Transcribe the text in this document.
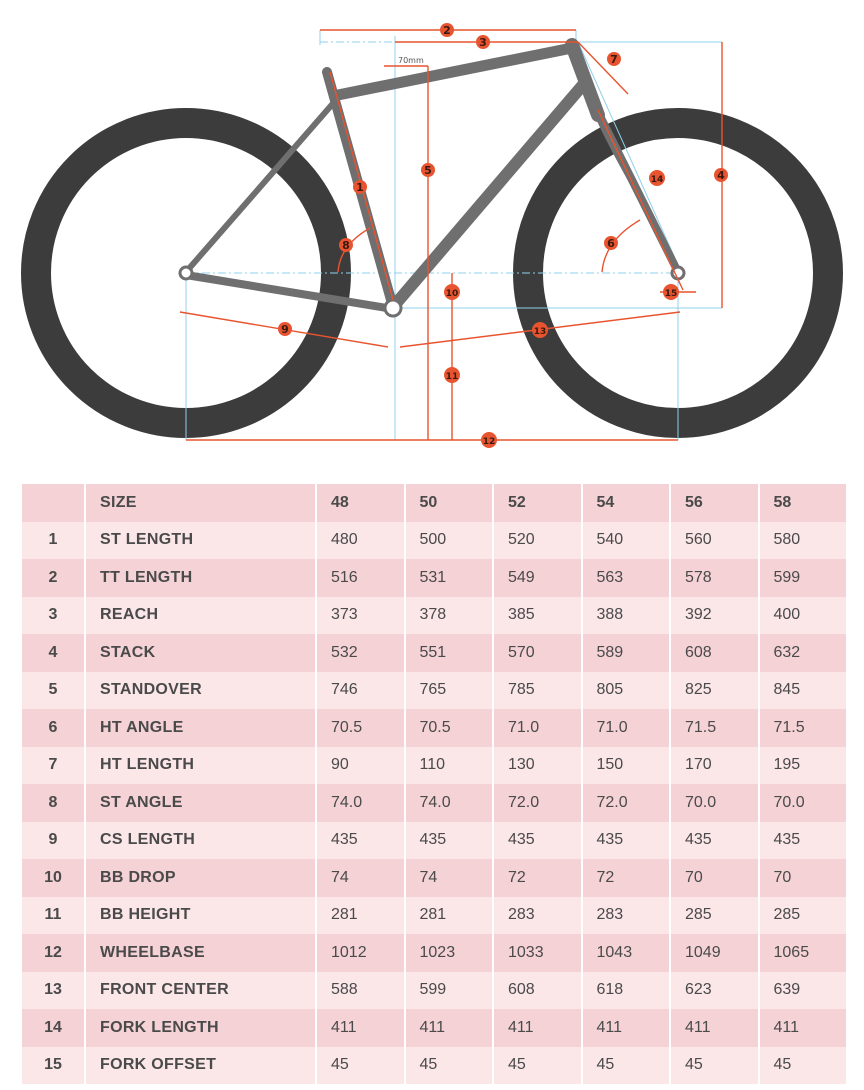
1
2
3
4
5
6
7
8
9
10
11
12
13
14
15
70mm
	SIZE	48	50	52	54	56	58
1	ST LENGTH	480	500	520	540	560	580
2	TT LENGTH	516	531	549	563	578	599
3	REACH	373	378	385	388	392	400
4	STACK	532	551	570	589	608	632
5	STANDOVER	746	765	785	805	825	845
6	HT ANGLE	70.5	70.5	71.0	71.0	71.5	71.5
7	HT LENGTH	90	110	130	150	170	195
8	ST ANGLE	74.0	74.0	72.0	72.0	70.0	70.0
9	CS LENGTH	435	435	435	435	435	435
10	BB DROP	74	74	72	72	70	70
11	BB HEIGHT	281	281	283	283	285	285
12	WHEELBASE	1012	1023	1033	1043	1049	1065
13	FRONT CENTER	588	599	608	618	623	639
14	FORK LENGTH	411	411	411	411	411	411
15	FORK OFFSET	45	45	45	45	45	45
